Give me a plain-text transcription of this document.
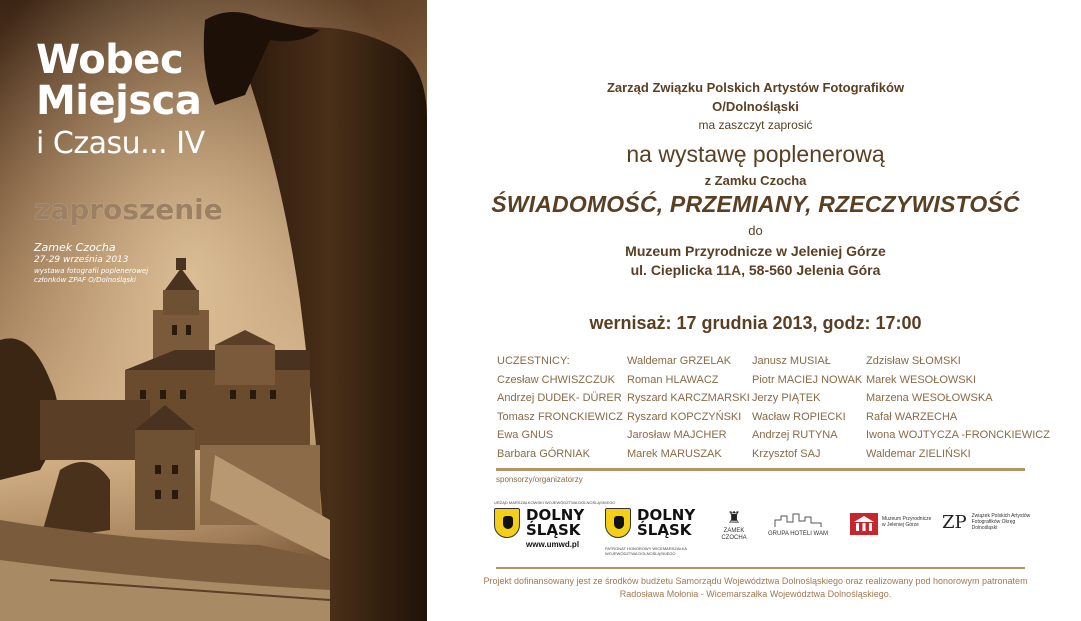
Wobec
Miejsca
i Czasu... IV
zaproszenie
Zamek Czocha
27-29 września 2013
wystawa fotografii poplenerowej członków ZPAF O/Dolnośląski
Zarząd Związku Polskich Artystów Fotografików
O/Dolnośląski
ma zaszczyt zaprosić
na wystawę poplenerową
z Zamku Czocha
ŚWIADOMOŚĆ, PRZEMIANY, RZECZYWISTOŚĆ
do
Muzeum Przyrodnicze w Jeleniej Górze
ul. Cieplicka 11A, 58-560 Jelenia Góra
wernisaż: 17 grudnia 2013, godz: 17:00
UCZESTNICY:
Czesław CHWISZCZUK
Andrzej DUDEK- DÜRER
Tomasz FRONCKIEWICZ
Ewa GNUS
Barbara GÓRNIAK
Waldemar GRZELAK
Roman HLAWACZ
Ryszard KARCZMARSKI
Ryszard KOPCZYŃSKI
Jarosław MAJCHER
Marek MARUSZAK
Janusz MUSIAŁ
Piotr MACIEJ NOWAK
Jerzy PIĄTEK
Wacław ROPIECKI
Andrzej RUTYNA
Krzysztof SAJ
Zdzisław SŁOMSKI
Marek WESOŁOWSKI
Marzena WESOŁOWSKA
Rafał WARZECHA
Iwona WOJTYCZA -FRONCKIEWICZ
Waldemar ZIELIŃSKI
sponsorzy/organizatorzy
URZĄD MARSZAŁKOWSKI WOJEWÓDZTWA DOLNOŚLĄSKIEGO
DOLNY ŚLĄSK
www.umwd.pl
DOLNY ŚLĄSK
PATRONAT HONOROWY WICEMARSZAŁKA WOJEWÓDZTWA DOLNOŚLĄSKIEGO
♜
ZAMEK CZOCHA
GRUPA HOTELI WAM
Muzeum Przyrodnicze w Jeleniej Górze	ZP Związek Polskich Artystów Fotografików Okręg Dolnośląski
Projekt dofinansowany jest ze środków budżetu Samorządu Województwa Dolnośląskiego oraz realizowany pod honorowym patronatem
Radosława Mołonia - Wicemarszałka Województwa Dolnośląskiego.
